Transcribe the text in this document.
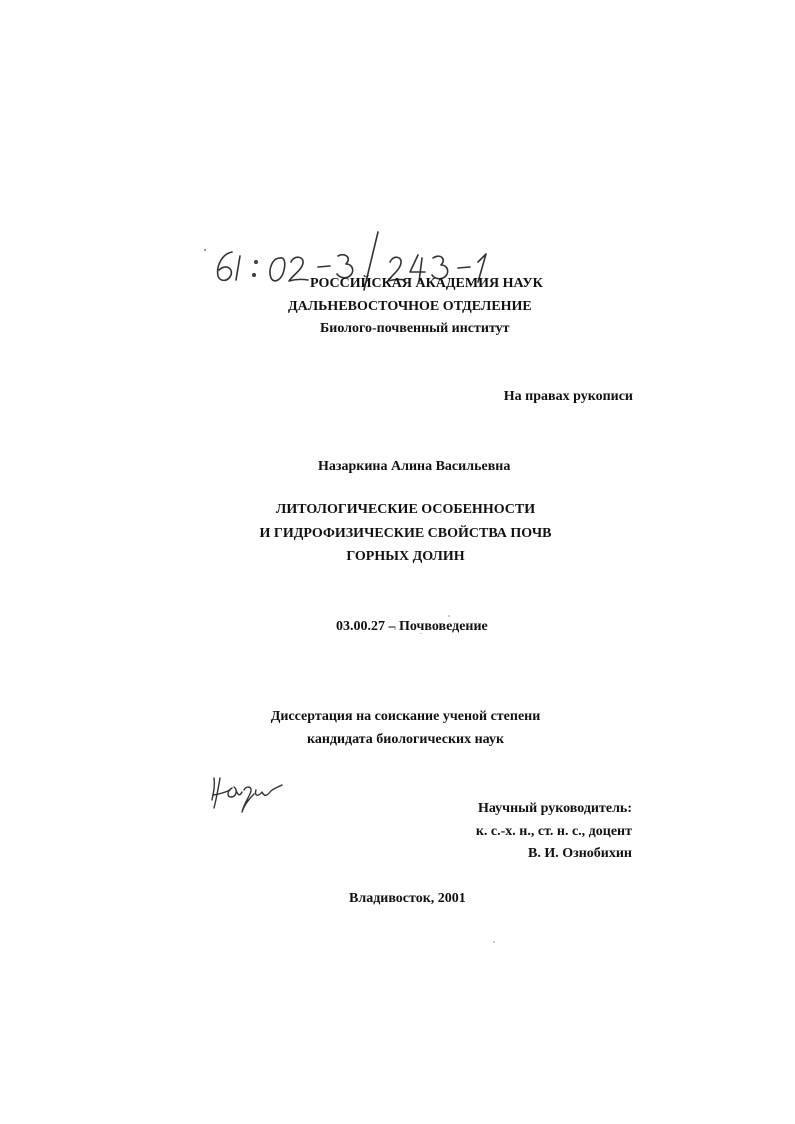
РОССИЙСКАЯ АКАДЕМИЯ НАУК
ДАЛЬНЕВОСТОЧНОЕ ОТДЕЛЕНИЕ
Биолого-почвенный институт
На правах рукописи
Назаркина Алина Васильевна
ЛИТОЛОГИЧЕСКИЕ ОСОБЕННОСТИ
И ГИДРОФИЗИЧЕСКИЕ СВОЙСТВА ПОЧВ
ГОРНЫХ ДОЛИН
03.00.27 – Почвоведение
Диссертация на соискание ученой степени
кандидата биологических наук
Научный руководитель:
к. с.-х. н., ст. н. с., доцент
В. И. Ознобихин
Владивосток, 2001
